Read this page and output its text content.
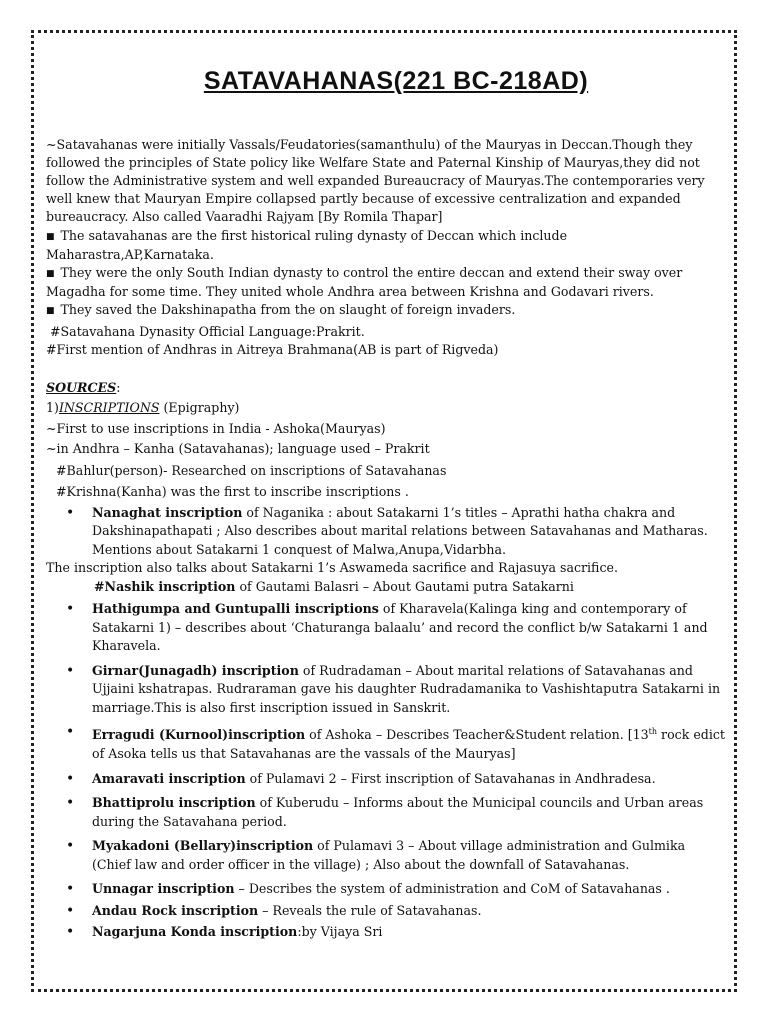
SATAVAHANAS(221 BC-218AD)

~Satavahanas were initially Vassals/Feudatories(samanthulu) of the Mauryas in Deccan.Though they followed the principles of State policy like Welfare State and Paternal Kinship of Mauryas,they did not follow the Administrative system and well expanded Bureaucracy of Mauryas.The contemporaries very well knew that Mauryan Empire collapsed partly because of excessive centralization and expanded bureaucracy. Also called Vaaradhi Rajyam [By Romila Thapar]

■ The satavahanas are the first historical ruling dynasty of Deccan which include Maharastra,AP,Karnataka.

■ They were the only South Indian dynasty to control the entire deccan and extend their sway over Magadha for some time. They united whole Andhra area between Krishna and Godavari rivers.

■ They saved the Dakshinapatha from the on slaught of foreign invaders.

#Satavahana Dynasity Official Language:Prakrit.

#First mention of Andhras in Aitreya Brahmana(AB is part of Rigveda)

SOURCES:

1)INSCRIPTIONS (Epigraphy)

~First to use inscriptions in India - Ashoka(Mauryas)

~in Andhra – Kanha (Satavahanas); language used – Prakrit

#Bahlur(person)- Researched on inscriptions of Satavahanas

#Krishna(Kanha) was the first to inscribe inscriptions .

• Nanaghat inscription of Naganika : about Satakarni 1’s titles – Aprathi hatha chakra and Dakshinapathapati ; Also describes about marital relations between Satavahanas and Matharas. Mentions about Satakarni 1 conquest of Malwa,Anupa,Vidarbha.

The inscription also talks about Satakarni 1’s Aswameda sacrifice and Rajasuya sacrifice.

#Nashik inscription of Gautami Balasri – About Gautami putra Satakarni

• Hathigumpa and Guntupalli inscriptions of Kharavela(Kalinga king and contemporary of Satakarni 1) – describes about ‘Chaturanga balaalu’ and record the conflict b/w Satakarni 1 and Kharavela.
• Girnar(Junagadh) inscription of Rudradaman – About marital relations of Satavahanas and Ujjaini kshatrapas. Rudraraman gave his daughter Rudradamanika to Vashishtaputra Satakarni in marriage.This is also first inscription issued in Sanskrit.
• Erragudi (Kurnool)inscription of Ashoka – Describes Teacher&Student relation. [13th rock edict of Asoka tells us that Satavahanas are the vassals of the Mauryas]
• Amaravati inscription of Pulamavi 2 – First inscription of Satavahanas in Andhradesa.
• Bhattiprolu inscription of Kuberudu – Informs about the Municipal councils and Urban areas during the Satavahana period.
• Myakadoni (Bellary)inscription of Pulamavi 3 – About village administration and Gulmika (Chief law and order officer in the village) ; Also about the downfall of Satavahanas.
• Unnagar inscription – Describes the system of administration and CoM of Satavahanas .
• Andau Rock inscription – Reveals the rule of Satavahanas.
• Nagarjuna Konda inscription:by Vijaya Sri
